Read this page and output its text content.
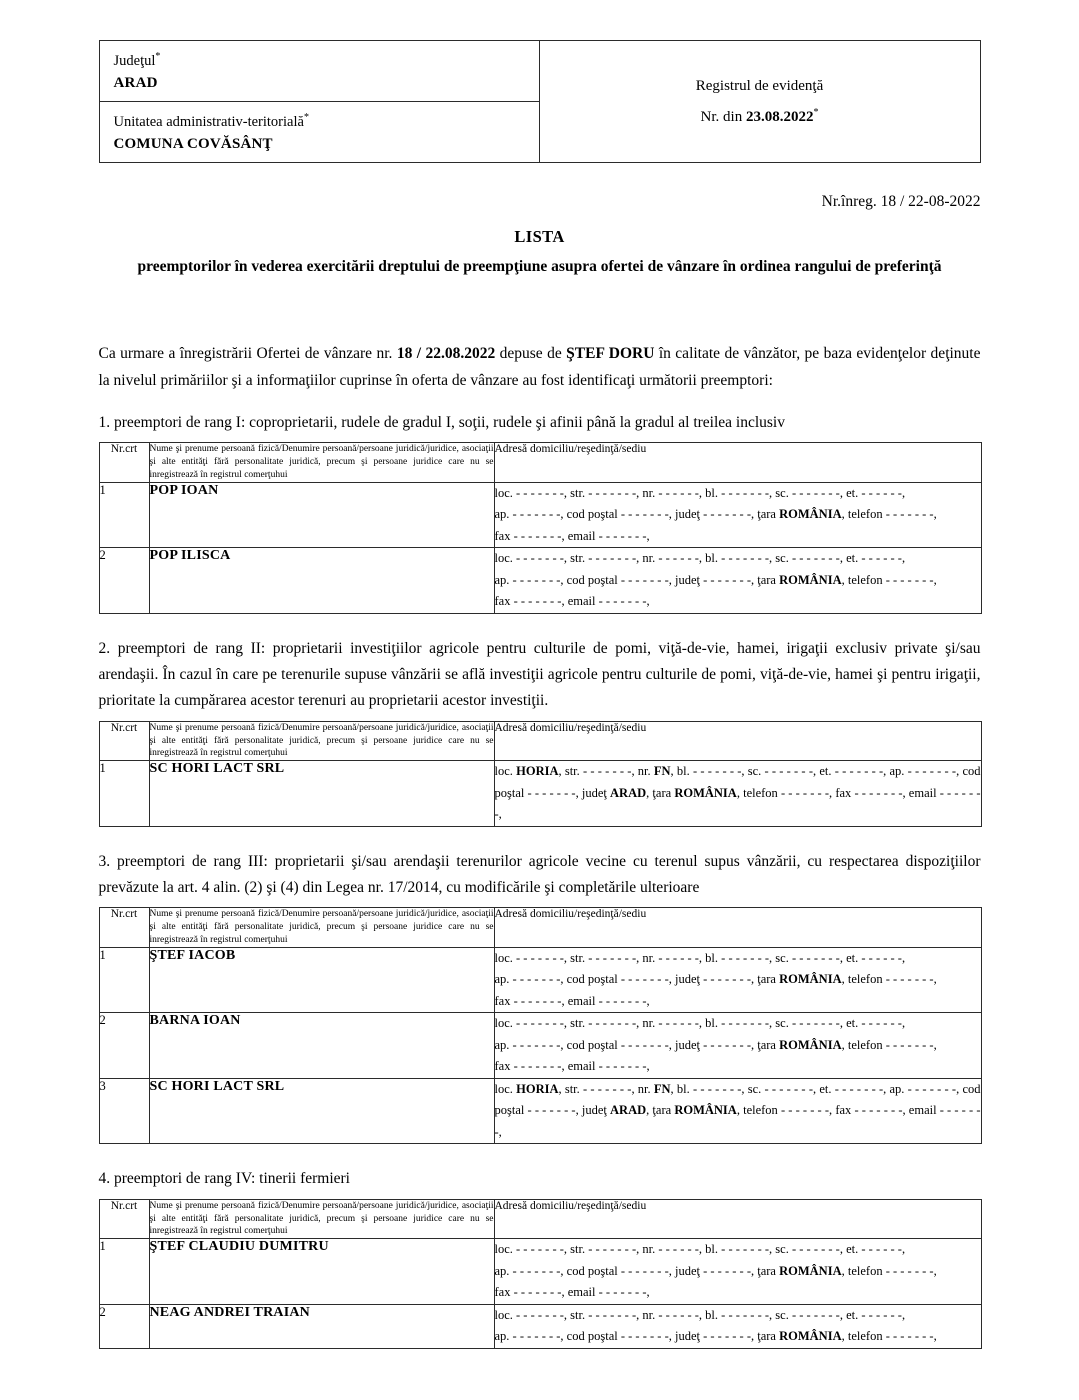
Judeţul*
ARAD
Unitatea administrativ-teritorială*
COMUNA COVĂSÂNŢ
Registrul de evidenţă
Nr. din 23.08.2022*
Nr.înreg. 18 / 22-08-2022
LISTA
preemptorilor în vederea exercitării dreptului de preempţiune asupra ofertei de vânzare în ordinea rangului de preferinţă

Ca urmare a înregistrării Ofertei de vânzare nr. 18 / 22.08.2022 depuse de ŞTEF DORU în calitate de vânzător, pe baza evidenţelor deţinute la nivelul primăriilor şi a informaţiilor cuprinse în oferta de vânzare au fost identificaţi următorii preemptori:

1. preemptori de rang I: coproprietarii, rudele de gradul I, soţii, rudele şi afinii până la gradul al treilea inclusiv
Nr.crt	Nume şi prenume persoană fizică/Denumire persoană/persoane juridică/juridice, asociaţii şi alte entităţi fără personalitate juridică, precum şi persoane juridice care nu se inregistrează în registrul comerţuhui	Adresă domiciliu/reşedinţă/sediu
1	POP IOAN	loc. - - - - - - -, str. - - - - - - -, nr. - - - - - -, bl. - - - - - - -, sc. - - - - - - -, et. - - - - - -,
ap. - - - - - - -, cod poştal - - - - - - -, judeţ - - - - - - -, ţara ROMÂNIA, telefon - - - - - - -,
fax - - - - - - -, email - - - - - - -,
2	POP ILISCA	loc. - - - - - - -, str. - - - - - - -, nr. - - - - - -, bl. - - - - - - -, sc. - - - - - - -, et. - - - - - -,
ap. - - - - - - -, cod poştal - - - - - - -, judeţ - - - - - - -, ţara ROMÂNIA, telefon - - - - - - -,
fax - - - - - - -, email - - - - - - -,
2. preemptori de rang II: proprietarii investiţiilor agricole pentru culturile de pomi, viţă-de-vie, hamei, irigaţii exclusiv private şi/sau arendaşii. În cazul în care pe terenurile supuse vânzării se află investiţii agricole pentru culturile de pomi, viţă-de-vie, hamei şi pentru irigaţii, prioritate la cumpărarea acestor terenuri au proprietarii acestor investiţii.
Nr.crt	Nume şi prenume persoană fizică/Denumire persoană/persoane juridică/juridice, asociaţii şi alte entităţi fără personalitate juridică, precum şi persoane juridice care nu se inregistrează în registrul comerţuhui	Adresă domiciliu/reşedinţă/sediu
1	SC HORI LACT SRL	loc. HORIA, str. - - - - - - -, nr. FN, bl. - - - - - - -, sc. - - - - - - -, et. - - - - - - -, ap. - - - - - - -, cod poştal - - - - - - -, judeţ ARAD, ţara ROMÂNIA, telefon - - - - - - -, fax - - - - - - -, email - - - - - - -,
3. preemptori de rang III: proprietarii şi/sau arendaşii terenurilor agricole vecine cu terenul supus vânzării, cu respectarea dispoziţiilor prevăzute la art. 4 alin. (2) şi (4) din Legea nr. 17/2014, cu modificările şi completările ulterioare
Nr.crt	Nume şi prenume persoană fizică/Denumire persoană/persoane juridică/juridice, asociaţii şi alte entităţi fără personalitate juridică, precum şi persoane juridice care nu se inregistrează în registrul comerţuhui	Adresă domiciliu/reşedinţă/sediu
1	ŞTEF IACOB	loc. - - - - - - -, str. - - - - - - -, nr. - - - - - -, bl. - - - - - - -, sc. - - - - - - -, et. - - - - - -,
ap. - - - - - - -, cod poştal - - - - - - -, judeţ - - - - - - -, ţara ROMÂNIA, telefon - - - - - - -,
fax - - - - - - -, email - - - - - - -,
2	BARNA IOAN	loc. - - - - - - -, str. - - - - - - -, nr. - - - - - -, bl. - - - - - - -, sc. - - - - - - -, et. - - - - - -,
ap. - - - - - - -, cod poştal - - - - - - -, judeţ - - - - - - -, ţara ROMÂNIA, telefon - - - - - - -,
fax - - - - - - -, email - - - - - - -,
3	SC HORI LACT SRL	loc. HORIA, str. - - - - - - -, nr. FN, bl. - - - - - - -, sc. - - - - - - -, et. - - - - - - -, ap. - - - - - - -, cod poştal - - - - - - -, judeţ ARAD, ţara ROMÂNIA, telefon - - - - - - -, fax - - - - - - -, email - - - - - - -,
4. preemptori de rang IV: tinerii fermieri
Nr.crt	Nume şi prenume persoană fizică/Denumire persoană/persoane juridică/juridice, asociaţii şi alte entităţi fără personalitate juridică, precum şi persoane juridice care nu se inregistrează în registrul comerţuhui	Adresă domiciliu/reşedinţă/sediu
1	ŞTEF CLAUDIU DUMITRU	loc. - - - - - - -, str. - - - - - - -, nr. - - - - - -, bl. - - - - - - -, sc. - - - - - - -, et. - - - - - -,
ap. - - - - - - -, cod poştal - - - - - - -, judeţ - - - - - - -, ţara ROMÂNIA, telefon - - - - - - -,
fax - - - - - - -, email - - - - - - -,
2	NEAG ANDREI TRAIAN	loc. - - - - - - -, str. - - - - - - -, nr. - - - - - -, bl. - - - - - - -, sc. - - - - - - -, et. - - - - - -,
ap. - - - - - - -, cod poştal - - - - - - -, judeţ - - - - - - -, ţara ROMÂNIA, telefon - - - - - - -,
